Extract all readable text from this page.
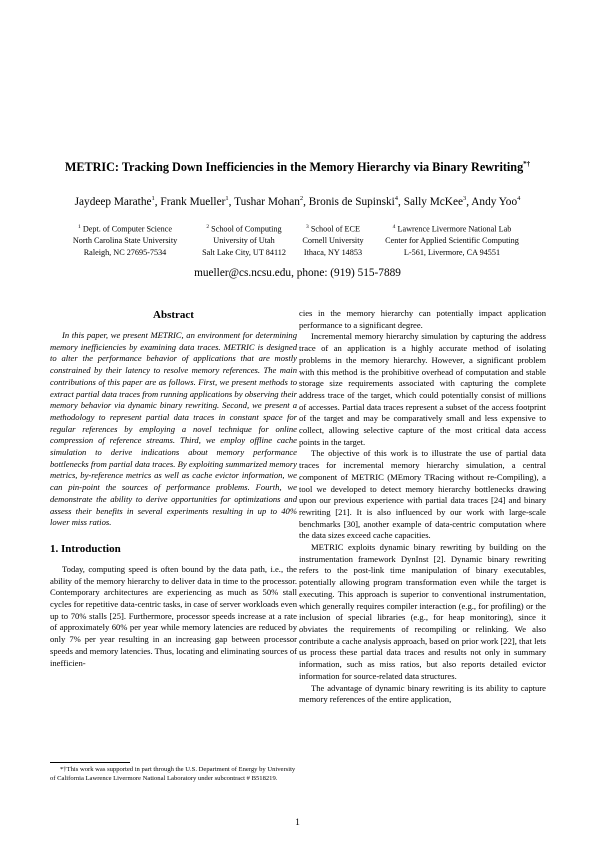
METRIC: Tracking Down Inefficiencies in the Memory Hierarchy via Binary Rewriting*†
Jaydeep Marathe$^1$, Frank Mueller$^1$, Tushar Mohan$^2$, Bronis de Supinski$^4$, Sally McKee$^3$, Andy Yoo$^4$
$^1$ Dept. of Computer Science
North Carolina State University
Raleigh, NC 27695-7534
$^2$ School of Computing
University of Utah
Salt Lake City, UT 84112
$^3$ School of ECE
Cornell University
Ithaca, NY 14853
$^4$ Lawrence Livermore National Lab
Center for Applied Scientific Computing
L-561, Livermore, CA 94551
mueller@cs.ncsu.edu, phone: (919) 515-7889
Abstract

In this paper, we present METRIC, an environment for determining memory inefficiencies by examining data traces. METRIC is designed to alter the performance behavior of applications that are mostly constrained by their latency to resolve memory references. The main contributions of this paper are as follows. First, we present methods to extract partial data traces from running applications by observing their memory behavior via dynamic binary rewriting. Second, we present a methodology to represent partial data traces in constant space for regular references by employing a novel technique for online compression of reference streams. Third, we employ offline cache simulation to derive indications about memory performance bottlenecks from partial data traces. By exploiting summarized memory metrics, by-reference metrics as well as cache evictor information, we can pin-point the sources of performance problems. Fourth, we demonstrate the ability to derive opportunities for optimizations and assess their benefits in several experiments resulting in up to 40% lower miss ratios.

1. Introduction

Today, computing speed is often bound by the data path, i.e., the ability of the memory hierarchy to deliver data in time to the processor. Contemporary architectures are experiencing as much as 50% stall cycles for repetitive data-centric tasks, in case of server workloads even up to 70% stalls [25]. Furthermore, processor speeds increase at a rate of approximately 60% per year while memory latencies are reduced by only 7% per year resulting in an increasing gap between processor speeds and memory latencies. Thus, locating and eliminating sources of inefficien-

cies in the memory hierarchy can potentially impact application performance to a significant degree.

Incremental memory hierarchy simulation by capturing the address trace of an application is a highly accurate method of isolating problems in the memory hierarchy. However, a significant problem with this method is the prohibitive overhead of computation and stable storage size requirements associated with capturing the complete address trace of the target, which could potentially consist of millions of accesses. Partial data traces represent a subset of the access footprint of the target and may be comparatively small and less expensive to collect, allowing selective capture of the most critical data access points in the target.

The objective of this work is to illustrate the use of partial data traces for incremental memory hierarchy simulation, a central component of METRIC (MEmory TRacing without re-Compiling), a tool we developed to detect memory hierarchy bottlenecks drawing upon our previous experience with partial data traces [24] and binary rewriting [21]. It is also influenced by our work with large-scale benchmarks [30], another example of data-centric computation where the data sizes exceed cache capacities.

METRIC exploits dynamic binary rewriting by building on the instrumentation framework DynInst [2]. Dynamic binary rewriting refers to the post-link time manipulation of binary executables, potentially allowing program transformation even while the target is executing. This approach is superior to conventional instrumentation, which generally requires compiler interaction (e.g., for profiling) or the inclusion of special libraries (e.g., for heap monitoring), since it obviates the requirements of recompiling or relinking. We also contribute a cache analysis approach, based on prior work [22], that lets us process these partial data traces and results not only in summary information, such as miss ratios, but also reports detailed evictor information for source-related data structures.

The advantage of dynamic binary rewriting is its ability to capture memory references of the entire application,

*†This work was supported in part through the U.S. Department of Energy by University of California Lawrence Livermore National Laboratory under subcontract # B518219.
1
